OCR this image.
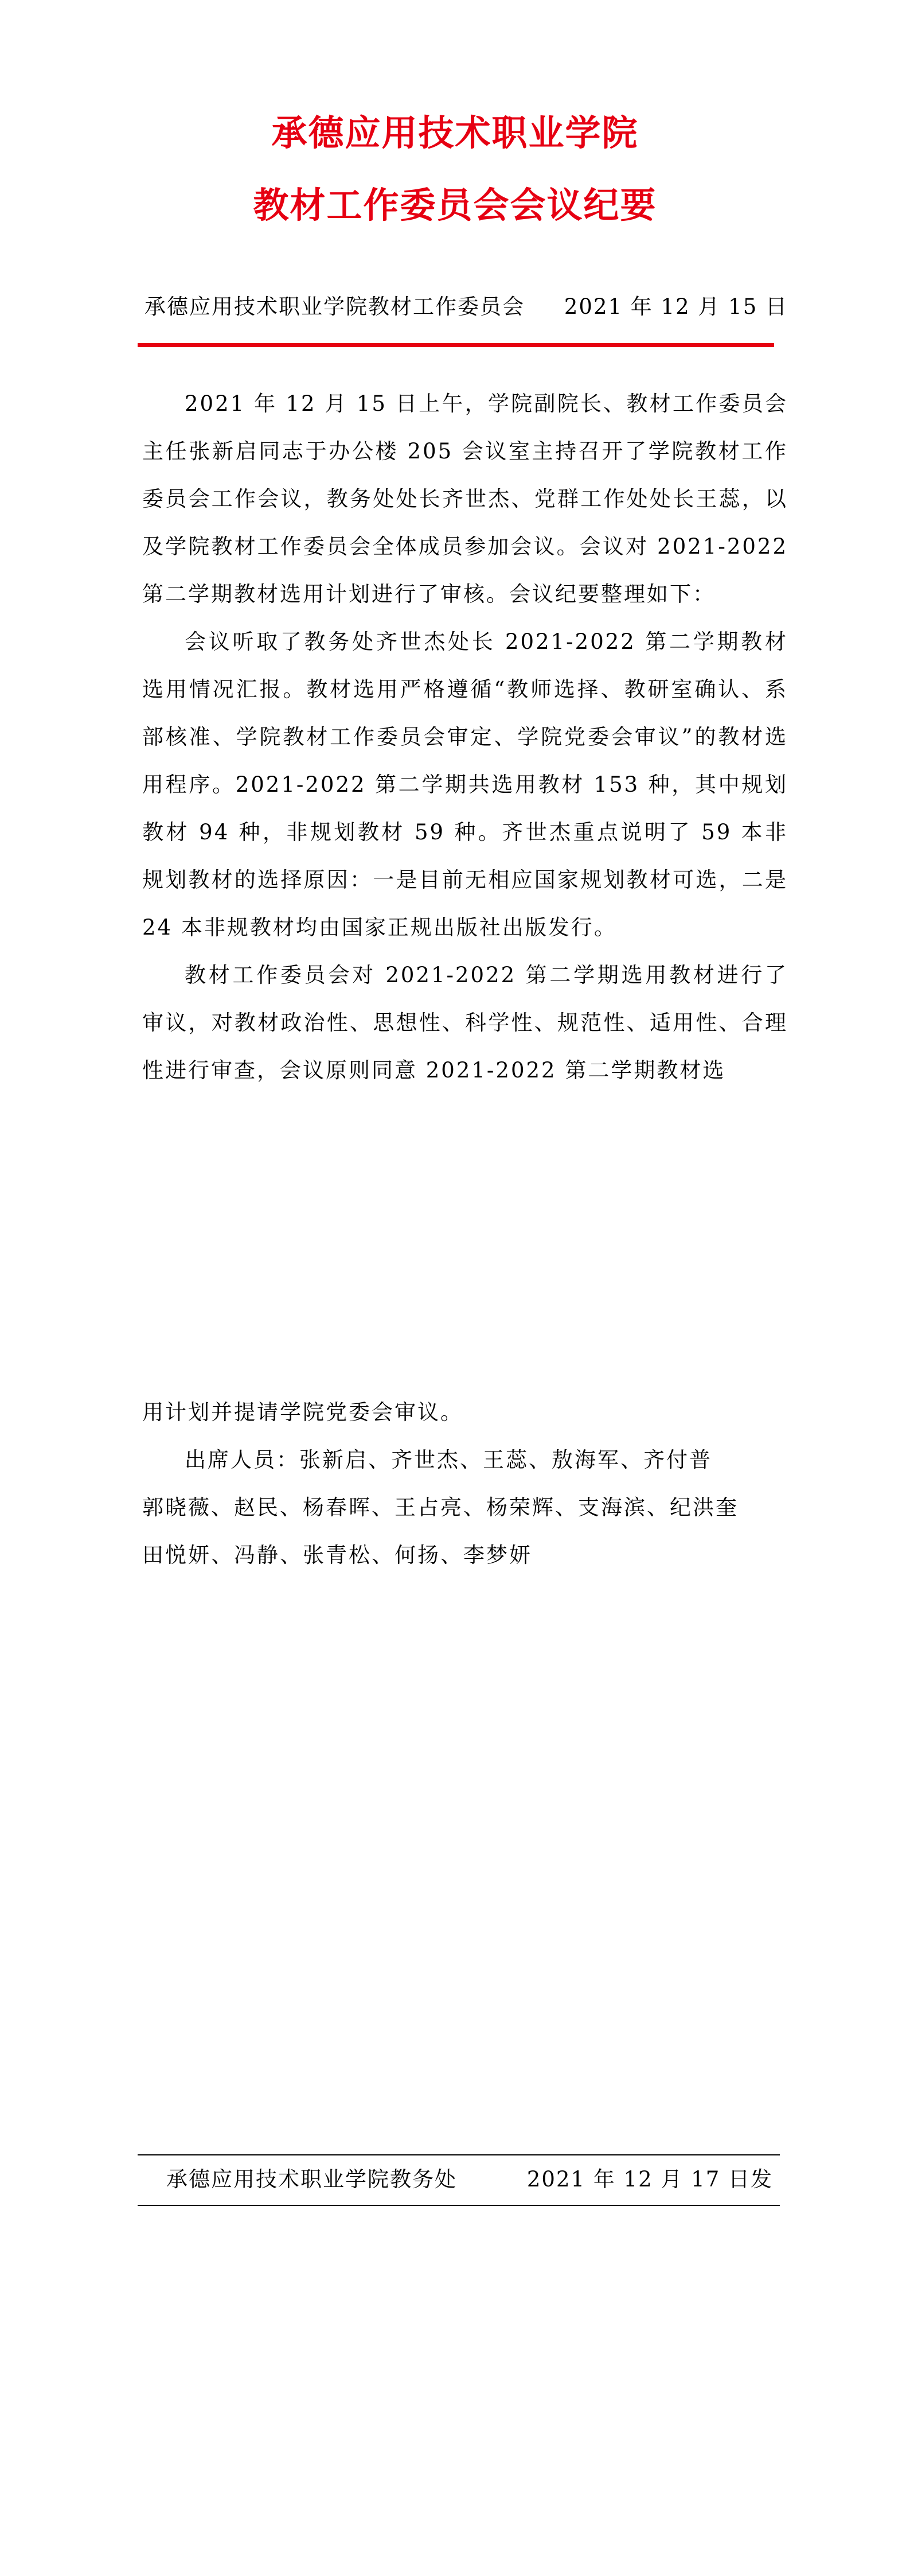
承德应用技术职业学院
教材工作委员会会议纪要
承德应用技术职业学院教材工作委员会 2021 年 12 月 15 日

2021 年 12 月 15 日上午，学院副院长、教材工作委员会主任张新启同志于办公楼 205 会议室主持召开了学院教材工作委员会工作会议，教务处处长齐世杰、党群工作处处长王蕊，以及学院教材工作委员会全体成员参加会议。会议对 2021-2022 第二学期教材选用计划进行了审核。会议纪要整理如下：

会议听取了教务处齐世杰处长 2021-2022 第二学期教材选用情况汇报。教材选用严格遵循“教师选择、教研室确认、系部核准、学院教材工作委员会审定、学院党委会审议”的教材选用程序。2021-2022 第二学期共选用教材 153 种，其中规划教材 94 种，非规划教材 59 种。齐世杰重点说明了 59 本非规划教材的选择原因：一是目前无相应国家规划教材可选，二是 24 本非规教材均由国家正规出版社出版发行。

教材工作委员会对 2021-2022 第二学期选用教材进行了审议，对教材政治性、思想性、科学性、规范性、适用性、合理性进行审查，会议原则同意 2021-2022 第二学期教材选

用计划并提请学院党委会审议。

出席人员：张新启、齐世杰、王蕊、敖海军、齐付普

郭晓薇、赵民、杨春晖、王占亮、杨荣辉、支海滨、纪洪奎

田悦妍、冯静、张青松、何扬、李梦妍

承德应用技术职业学院教务处	2021 年 12 月 17 日发
